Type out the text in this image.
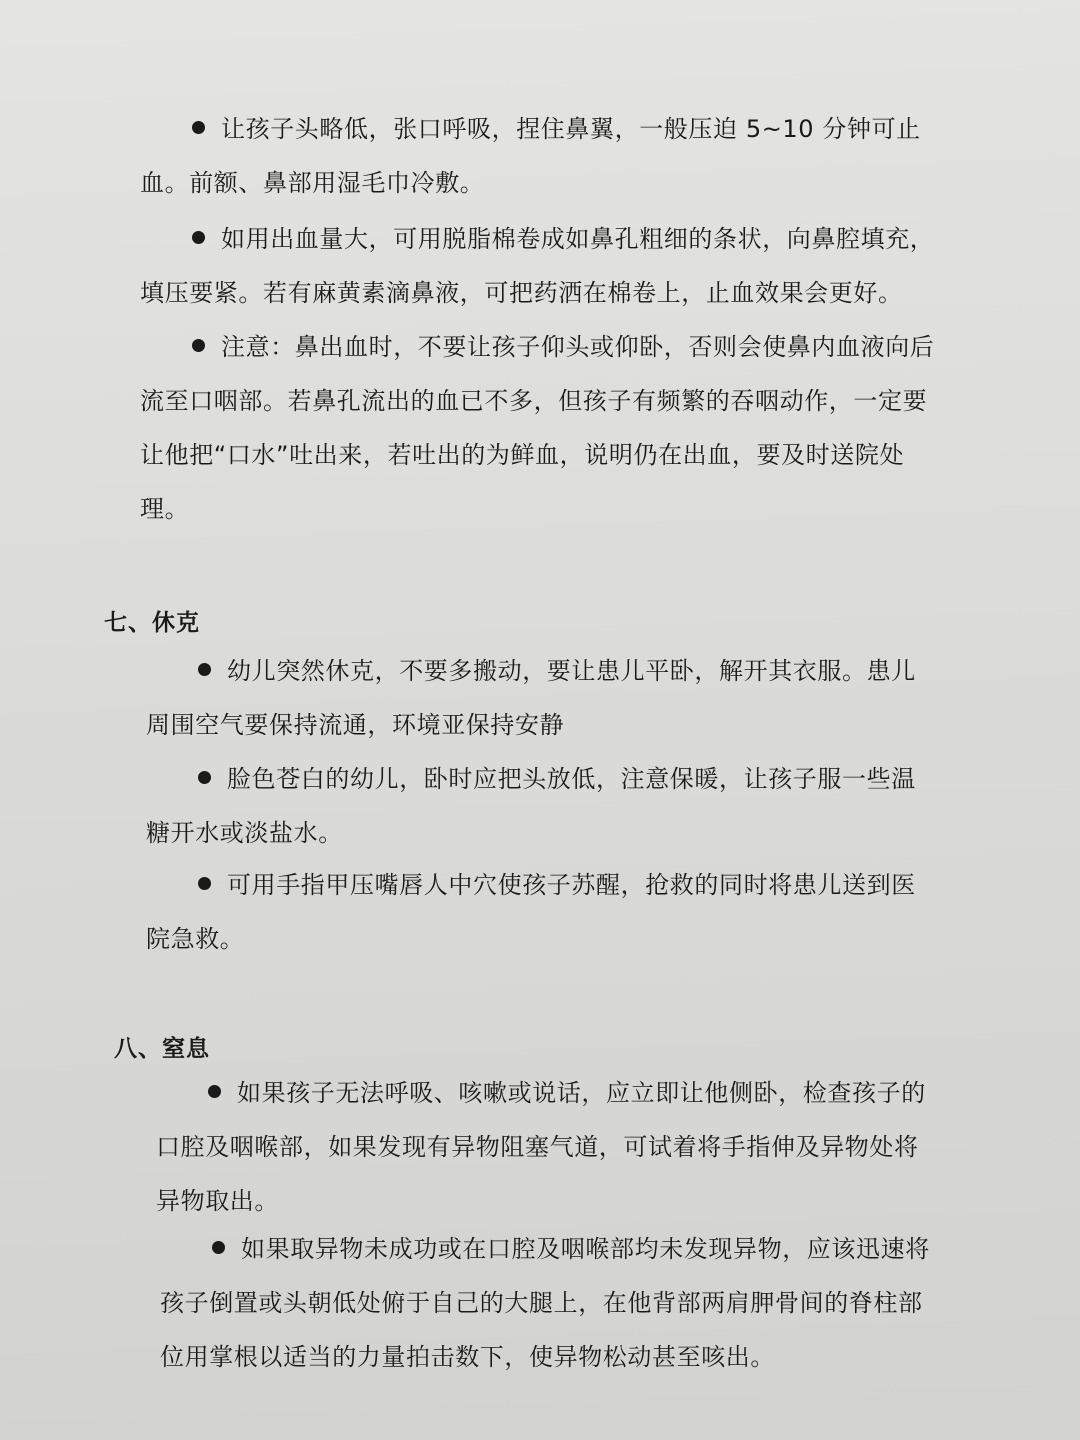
让孩子头略低，张口呼吸，捏住鼻翼，一般压迫 5~10 分钟可止血。前额、鼻部用湿毛巾冷敷。

如用出血量大，可用脱脂棉卷成如鼻孔粗细的条状，向鼻腔填充，填压要紧。若有麻黄素滴鼻液，可把药洒在棉卷上，止血效果会更好。

注意：鼻出血时，不要让孩子仰头或仰卧，否则会使鼻内血液向后流至口咽部。若鼻孔流出的血已不多，但孩子有频繁的吞咽动作，一定要让他把“口水”吐出来，若吐出的为鲜血，说明仍在出血，要及时送院处理。

七、休克

幼儿突然休克，不要多搬动，要让患儿平卧，解开其衣服。患儿周围空气要保持流通，环境亚保持安静

脸色苍白的幼儿，卧时应把头放低，注意保暖，让孩子服一些温糖开水或淡盐水。

可用手指甲压嘴唇人中穴使孩子苏醒，抢救的同时将患儿送到医院急救。

八、窒息

如果孩子无法呼吸、咳嗽或说话，应立即让他侧卧，检查孩子的口腔及咽喉部，如果发现有异物阻塞气道，可试着将手指伸及异物处将异物取出。

如果取异物未成功或在口腔及咽喉部均未发现异物，应该迅速将孩子倒置或头朝低处俯于自己的大腿上，在他背部两肩胛骨间的脊柱部位用掌根以适当的力量拍击数下，使异物松动甚至咳出。
